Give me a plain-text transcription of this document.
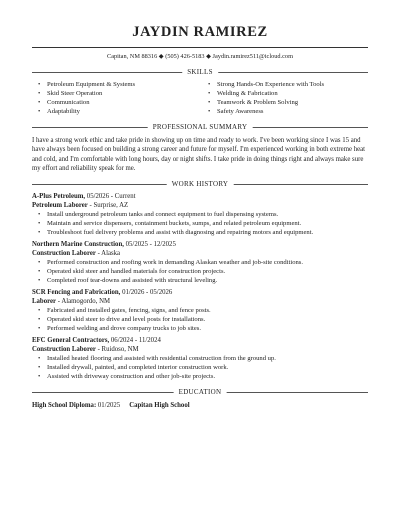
JAYDIN RAMIREZ
Capitan, NM 88316 ◆ (505) 426-5183 ◆ Jaydin.ramirez511@icloud.com
SKILLS
• Petroleum Equipment & Systems	• Strong Hands-On Experience with Tools
• Skid Steer Operation	• Welding & Fabrication
• Communication	• Teamwork & Problem Solving
• Adaptability	• Safety Awareness
PROFESSIONAL SUMMARY
I have a strong work ethic and take pride in showing up on time and ready to work. I've been working since I was 15 and have always been focused on building a strong career and future for myself. I'm experienced working in both extreme heat and cold, and I'm comfortable with long hours, day or night shifts. I take pride in doing things right and always make sure my effort and reliability speak for me.
WORK HISTORY
A-Plus Petroleum, 05/2026 - Current
Petroleum Laborer - Surprise, AZ
• Install underground petroleum tanks and connect equipment to fuel dispensing systems.
• Maintain and service dispensers, containment buckets, sumps, and related petroleum equipment.
• Troubleshoot fuel delivery problems and assist with diagnosing and repairing motors and equipment.
Northern Marine Construction, 05/2025 - 12/2025
Construction Laborer - Alaska
• Performed construction and roofing work in demanding Alaskan weather and job-site conditions.
• Operated skid steer and handled materials for construction projects.
• Completed roof tear-downs and assisted with structural leveling.
SCR Fencing and Fabrication, 01/2026 - 05/2026
Laborer - Alamogordo, NM
• Fabricated and installed gates, fencing, signs, and fence posts.
• Operated skid steer to drive and level posts for installations.
• Performed welding and drove company trucks to job sites.
EFC General Contractors, 06/2024 - 11/2024
Construction Laborer - Ruidoso, NM
• Installed heated flooring and assisted with residential construction from the ground up.
• Installed drywall, painted, and completed interior construction work.
• Assisted with driveway construction and other job-site projects.
EDUCATION
High School Diploma: 01/2025 Capitan High School
